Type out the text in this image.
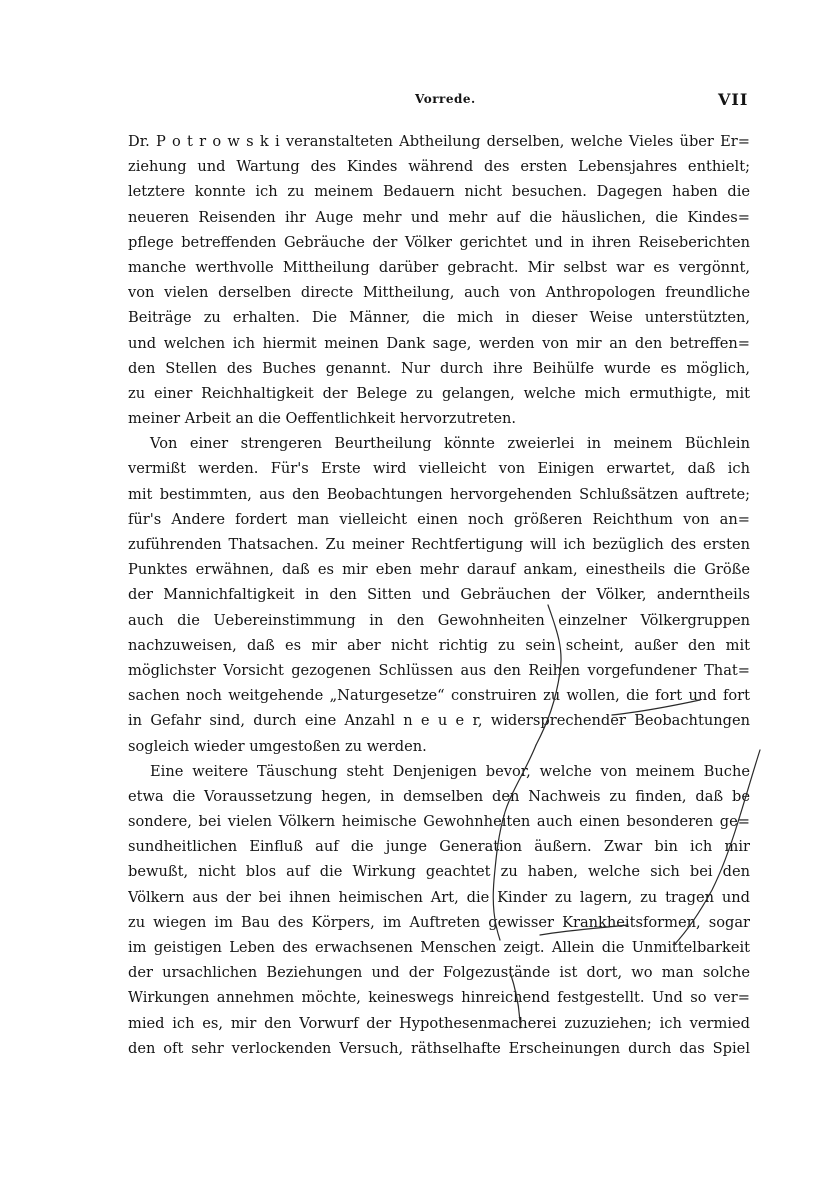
Vorrede.	VII
Dr. P o t r o w s k i veranstalteten Abtheilung derselben, welche Vieles über Er=
ziehung und Wartung des Kindes während des ersten Lebensjahres enthielt;
letztere konnte ich zu meinem Bedauern nicht besuchen. Dagegen haben die
neueren Reisenden ihr Auge mehr und mehr auf die häuslichen, die Kindes=
pflege betreffenden Gebräuche der Völker gerichtet und in ihren Reiseberichten
manche werthvolle Mittheilung darüber gebracht. Mir selbst war es vergönnt,
von vielen derselben directe Mittheilung, auch von Anthropologen freundliche
Beiträge zu erhalten. Die Männer, die mich in dieser Weise unterstützten,
und welchen ich hiermit meinen Dank sage, werden von mir an den betreffen=
den Stellen des Buches genannt. Nur durch ihre Beihülfe wurde es möglich,
zu einer Reichhaltigkeit der Belege zu gelangen, welche mich ermuthigte, mit
meiner Arbeit an die Oeffentlichkeit hervorzutreten.
Von einer strengeren Beurtheilung könnte zweierlei in meinem Büchlein
vermißt werden. Für's Erste wird vielleicht von Einigen erwartet, daß ich
mit bestimmten, aus den Beobachtungen hervorgehenden Schlußsätzen auftrete;
für's Andere fordert man vielleicht einen noch größeren Reichthum von an=
zuführenden Thatsachen. Zu meiner Rechtfertigung will ich bezüglich des ersten
Punktes erwähnen, daß es mir eben mehr darauf ankam, einestheils die Größe
der Mannichfaltigkeit in den Sitten und Gebräuchen der Völker, anderntheils
auch die Uebereinstimmung in den Gewohnheiten einzelner Völkergruppen
nachzuweisen, daß es mir aber nicht richtig zu sein scheint, außer den mit
möglichster Vorsicht gezogenen Schlüssen aus den Reihen vorgefundener That=
sachen noch weitgehende „Naturgesetze“ construiren zu wollen, die fort und fort
in Gefahr sind, durch eine Anzahl n e u e r, widersprechender Beobachtungen
sogleich wieder umgestoßen zu werden.
Eine weitere Täuschung steht Denjenigen bevor, welche von meinem Buche
etwa die Voraussetzung hegen, in demselben den Nachweis zu finden, daß be
sondere, bei vielen Völkern heimische Gewohnheiten auch einen besonderen ge=
sundheitlichen Einfluß auf die junge Generation äußern. Zwar bin ich mir
bewußt, nicht blos auf die Wirkung geachtet zu haben, welche sich bei den
Völkern aus der bei ihnen heimischen Art, die Kinder zu lagern, zu tragen und
zu wiegen im Bau des Körpers, im Auftreten gewisser Krankheitsformen, sogar
im geistigen Leben des erwachsenen Menschen zeigt. Allein die Unmittelbarkeit
der ursachlichen Beziehungen und der Folgezustände ist dort, wo man solche
Wirkungen annehmen möchte, keineswegs hinreichend festgestellt. Und so ver=
mied ich es, mir den Vorwurf der Hypothesenmacherei zuzuziehen; ich vermied
den oft sehr verlockenden Versuch, räthselhafte Erscheinungen durch das Spiel
